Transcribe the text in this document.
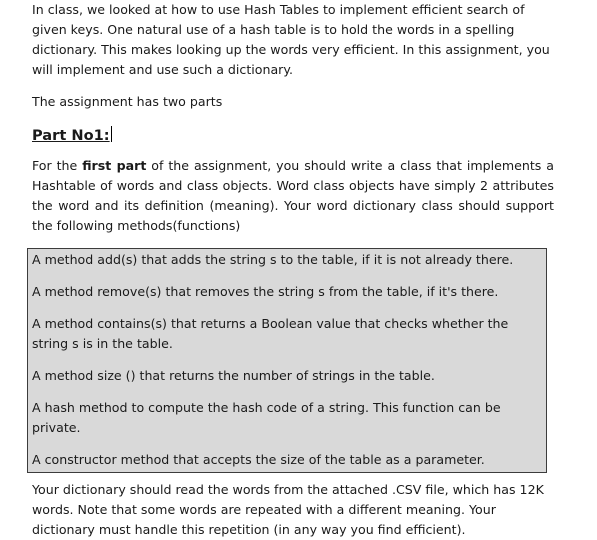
In class, we looked at how to use Hash Tables to implement efficient search of given keys. One natural use of a hash table is to hold the words in a spelling dictionary. This makes looking up the words very efficient. In this assignment, you will implement and use such a dictionary.

The assignment has two parts

Part No1:

For the first part of the assignment, you should write a class that implements a Hashtable of words and class objects. Word class objects have simply 2 attributes the word and its definition (meaning). Your word dictionary class should support the following methods(functions)

A method add(s) that adds the string s to the table, if it is not already there.
A method remove(s) that removes the string s from the table, if it's there.
A method contains(s) that returns a Boolean value that checks whether the string s is in the table.
A method size () that returns the number of strings in the table.
A hash method to compute the hash code of a string. This function can be private.
A constructor method that accepts the size of the table as a parameter.

Your dictionary should read the words from the attached .CSV file, which has 12K words. Note that some words are repeated with a different meaning. Your dictionary must handle this repetition (in any way you find efficient).
